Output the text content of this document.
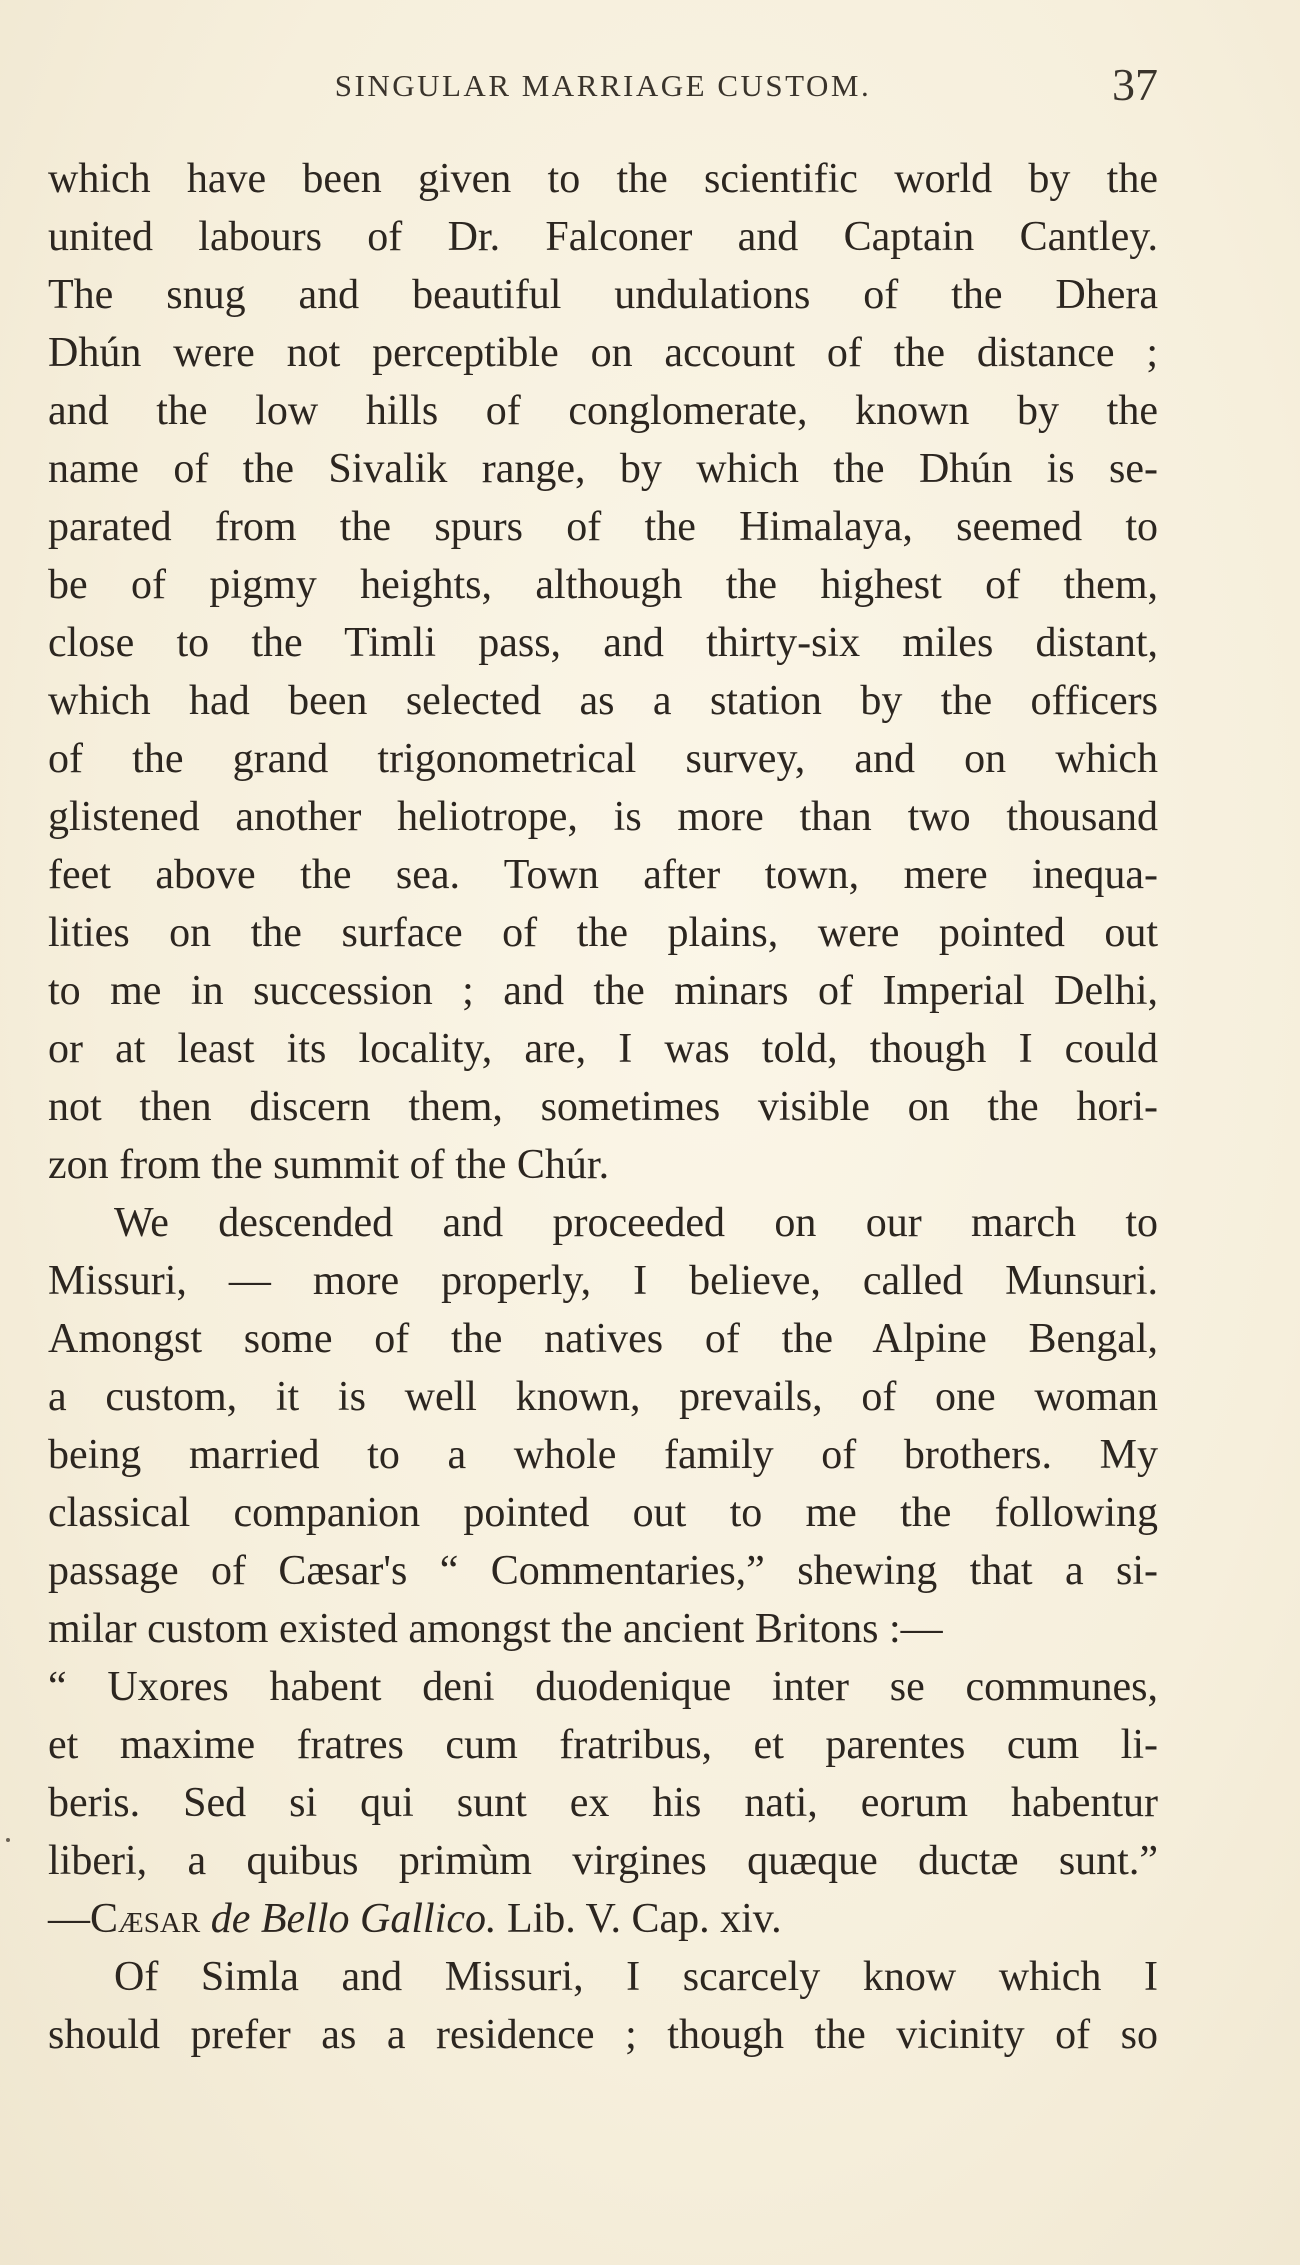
SINGULAR MARRIAGE CUSTOM.	37
which have been given to the scientific world by the
united labours of Dr. Falconer and Captain Cantley.
The snug and beautiful undulations of the Dhera
Dhún were not perceptible on account of the distance ;
and the low hills of conglomerate, known by the
name of the Sivalik range, by which the Dhún is se-
parated from the spurs of the Himalaya, seemed to
be of pigmy heights, although the highest of them,
close to the Timli pass, and thirty-six miles distant,
which had been selected as a station by the officers
of the grand trigonometrical survey, and on which
glistened another heliotrope, is more than two thousand
feet above the sea. Town after town, mere inequa-
lities on the surface of the plains, were pointed out
to me in succession ; and the minars of Imperial Delhi,
or at least its locality, are, I was told, though I could
not then discern them, sometimes visible on the hori-
zon from the summit of the Chúr.
We descended and proceeded on our march to
Missuri, — more properly, I believe, called Munsuri.
Amongst some of the natives of the Alpine Bengal,
a custom, it is well known, prevails, of one woman
being married to a whole family of brothers. My
classical companion pointed out to me the following
passage of Cæsar's “ Commentaries,” shewing that a si-
milar custom existed amongst the ancient Britons :—
“ Uxores habent deni duodenique inter se communes,
et maxime fratres cum fratribus, et parentes cum li-
beris. Sed si qui sunt ex his nati, eorum habentur
liberi, a quibus primùm virgines quæque ductæ sunt.”
—Cæsar de Bello Gallico. Lib. V. Cap. xiv.
Of Simla and Missuri, I scarcely know which I
should prefer as a residence ; though the vicinity of so
